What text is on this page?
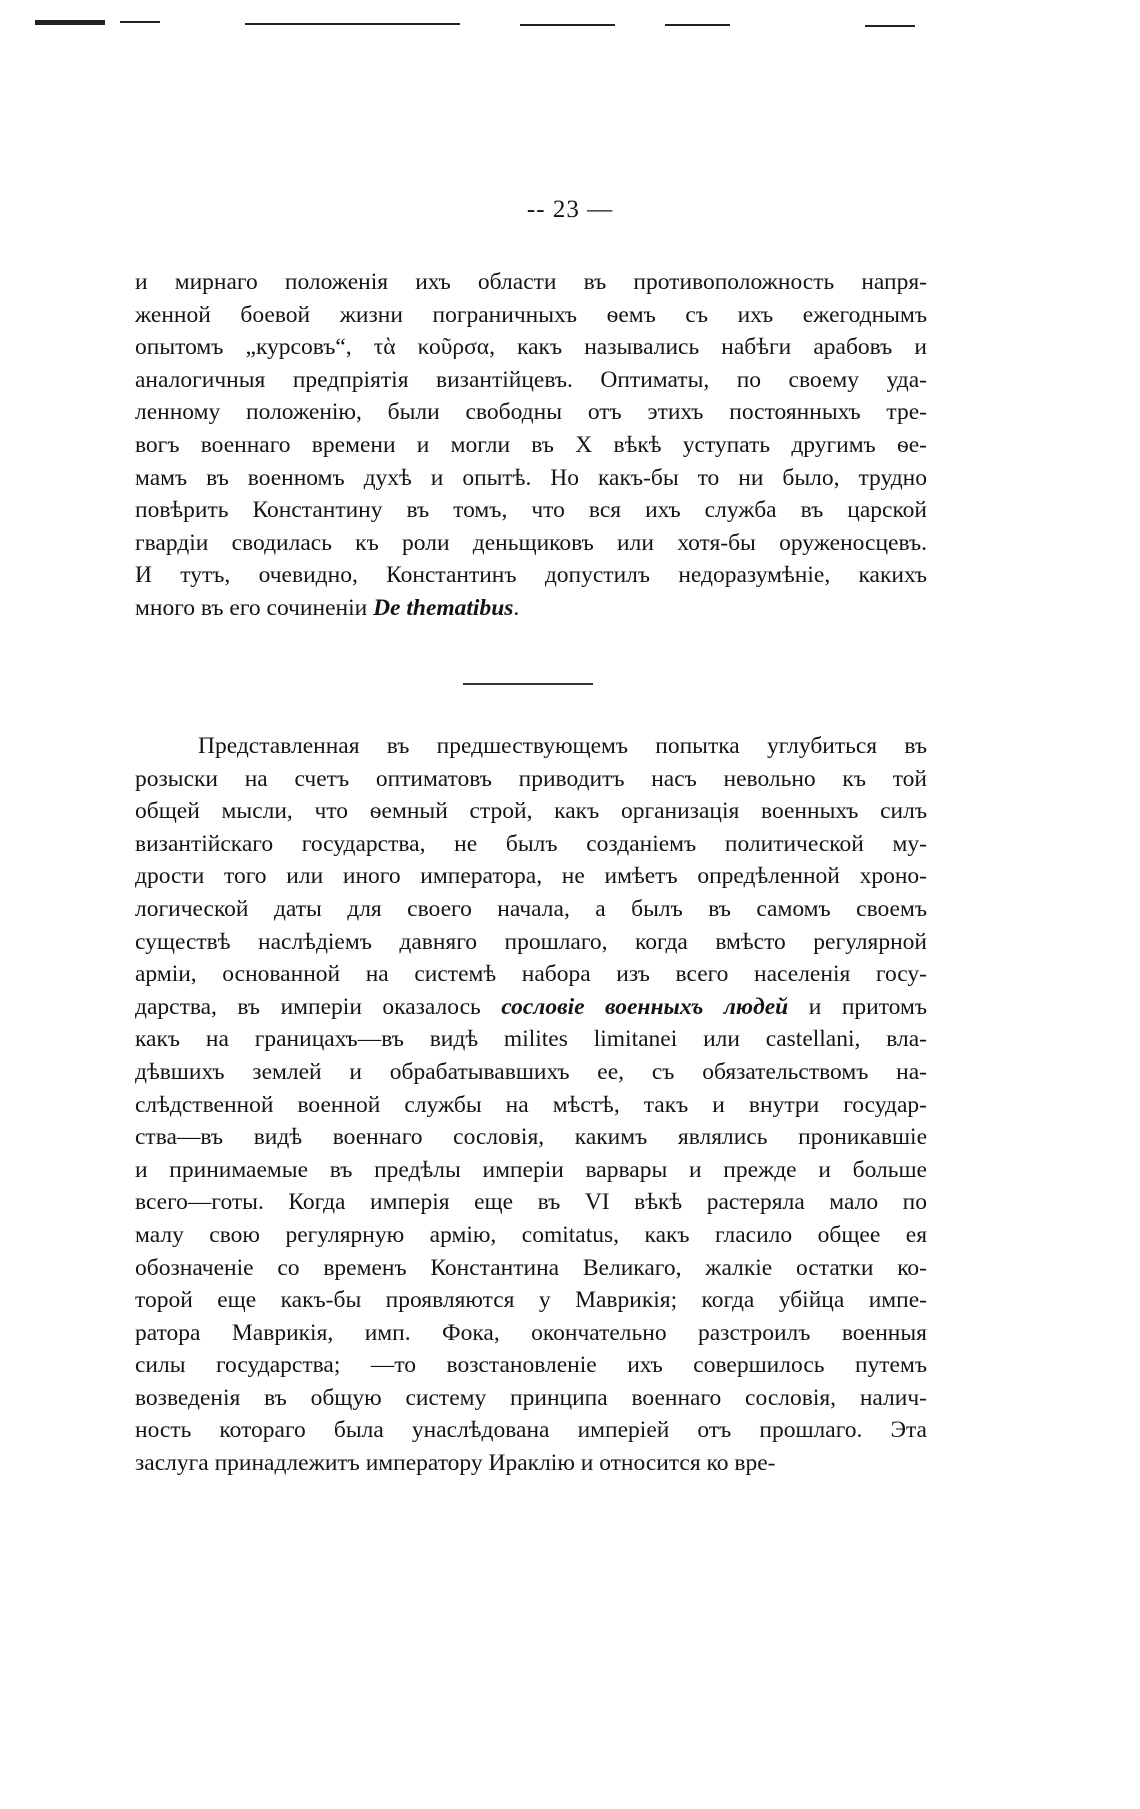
-- 23 —
и мирнаго положенія ихъ области въ противоположность напря-
женной боевой жизни пограничныхъ ѳемъ съ ихъ ежегоднымъ
опытомъ „курсовъ“, τὰ κοῦρσα, какъ назывались набѣги арабовъ и
аналогичныя предпріятія византійцевъ. Оптиматы, по своему уда-
ленному положенію, были свободны отъ этихъ постоянныхъ тре-
вогъ военнаго времени и могли въ X вѣкѣ уступать другимъ ѳе-
мамъ въ военномъ духѣ и опытѣ. Но какъ-бы то ни было, трудно
повѣрить Константину въ томъ, что вся ихъ служба въ царской
гвардіи сводилась къ роли деньщиковъ или хотя-бы оруженосцевъ.
И тутъ, очевидно, Константинъ допустилъ недоразумѣніе, какихъ
много въ его сочиненіи De thematibus.
Представленная въ предшествующемъ попытка углубиться въ
розыски на счетъ оптиматовъ приводитъ насъ невольно къ той
общей мысли, что ѳемный строй, какъ организація военныхъ силъ
византійскаго государства, не былъ созданіемъ политической му-
дрости того или иного императора, не имѣетъ опредѣленной хроно-
логической даты для своего начала, а былъ въ самомъ своемъ
существѣ наслѣдіемъ давняго прошлаго, когда вмѣсто регулярной
арміи, основанной на системѣ набора изъ всего населенія госу-
дарства, въ имперіи оказалось сословіе военныхъ людей и притомъ
какъ на границахъ—въ видѣ milites limitanei или castellani, вла-
дѣвшихъ землей и обрабатывавшихъ ее, съ обязательствомъ на-
слѣдственной военной службы на мѣстѣ, такъ и внутри государ-
ства—въ видѣ военнаго сословія, какимъ являлись проникавшіе
и принимаемые въ предѣлы имперіи варвары и прежде и больше
всего—готы. Когда имперія еще въ VI вѣкѣ растеряла мало по
малу свою регулярную армію, comitatus, какъ гласило общее ея
обозначеніе со временъ Константина Великаго, жалкіе остатки ко-
торой еще какъ-бы проявляются у Маврикія; когда убійца импе-
ратора Маврикія, имп. Фока, окончательно разстроилъ военныя
силы государства; —то возстановленіе ихъ совершилось путемъ
возведенія въ общую систему принципа военнаго сословія, налич-
ность котораго была унаслѣдована имперіей отъ прошлаго. Эта
заслуга принадлежитъ императору Ираклію и относится ко вре-
